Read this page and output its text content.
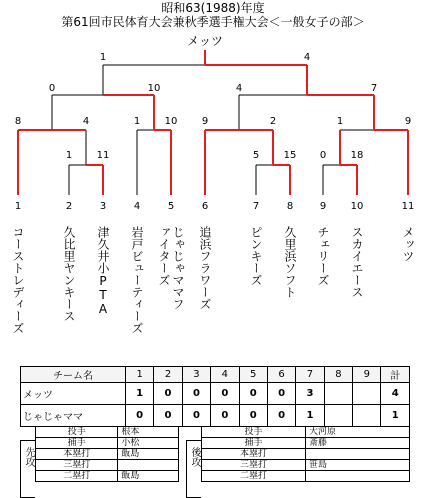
昭和63(1988)年度
第61回市民体育大会兼秋季選手権大会＜一般女子の部＞
メッツ
1 11
8	4	1 10 9	2
5 15 0 18
1	9
0	10	4	7
1	4
1	2	3	4	5	6	7	8	9 10	11
コーストレディーズ	久比里ヤンキース 津久井小PTA 岩戸ビューティーズ	じゃじゃママファイターズ	追浜フラワーズ	ピンキーズ 久里浜ソフト チェリーズ スカイエース	メッツ
チーム名	1	2	3	4	5	6	7	8	9	計
メッツ	1	0	0	0	0	0	3			4
じゃじゃママ	0	0	0	0	0	0	1			1
先攻
投手	根本
捕手	小松
本塁打	飯島
三塁打	
二塁打	飯島
後攻
投手	大河原
捕手	斎藤
本塁打	
三塁打	笹島
二塁打	
